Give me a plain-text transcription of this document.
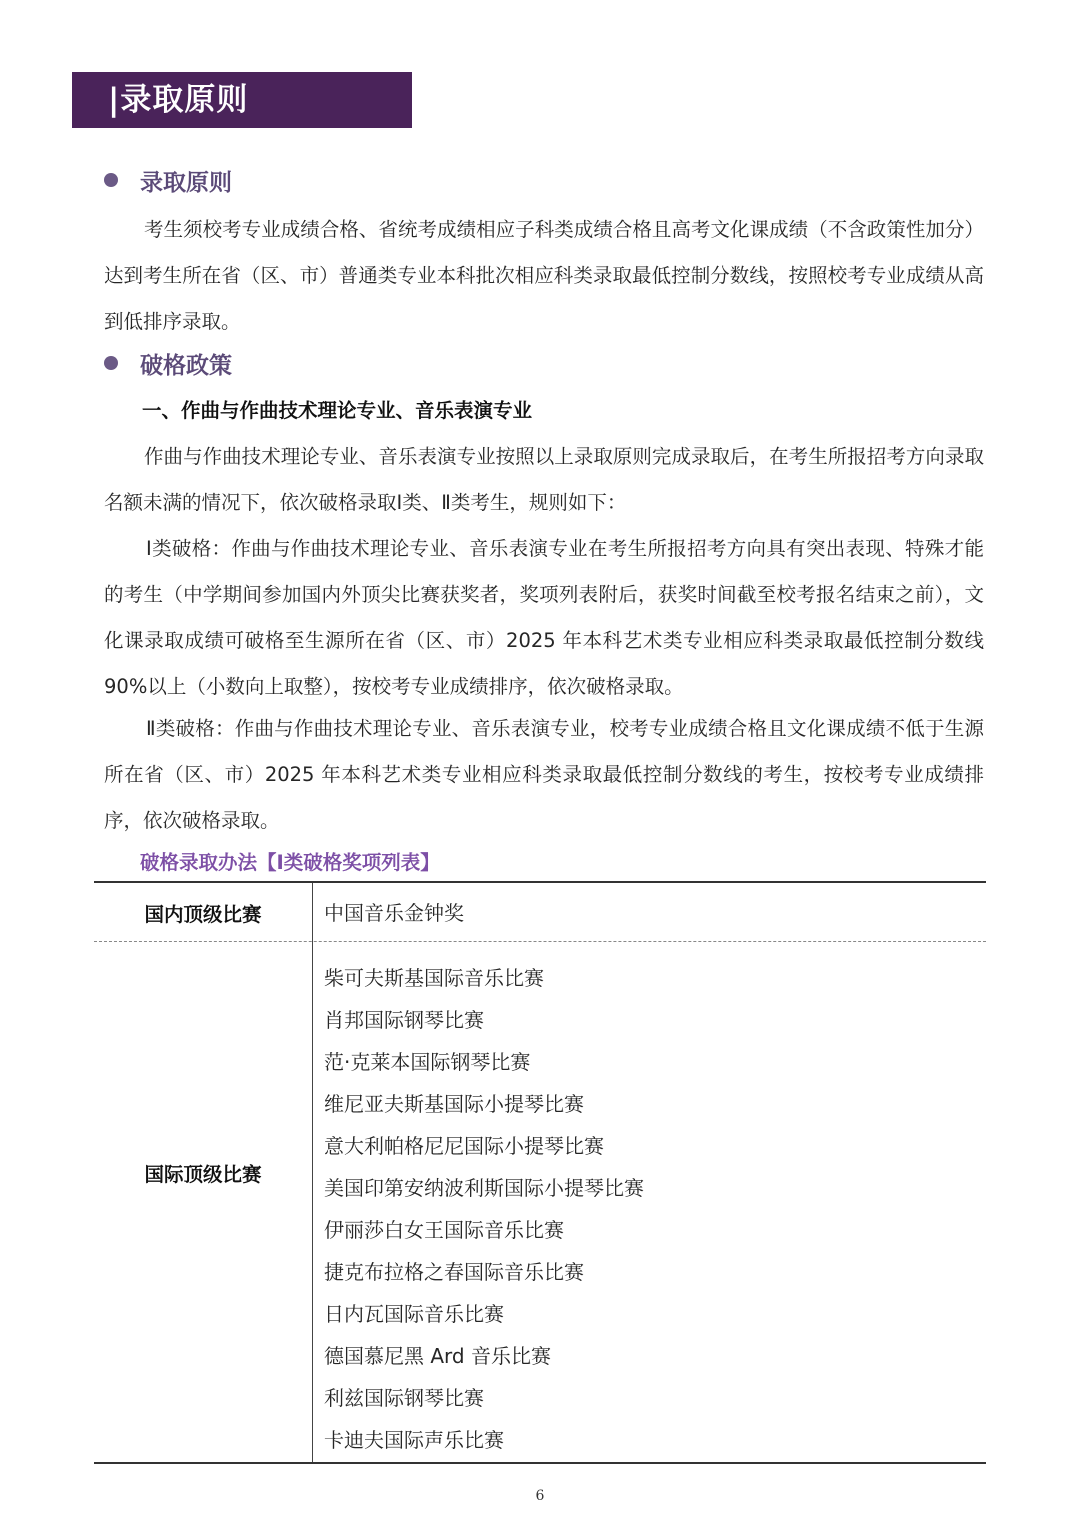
|录取原则
录取原则

考生须校考专业成绩合格、省统考成绩相应子科类成绩合格且高考文化课成绩（不含政策性加分）达到考生所在省（区、市）普通类专业本科批次相应科类录取最低控制分数线，按照校考专业成绩从高到低排序录取。

破格政策
一、作曲与作曲技术理论专业、音乐表演专业

作曲与作曲技术理论专业、音乐表演专业按照以上录取原则完成录取后，在考生所报招考方向录取名额未满的情况下，依次破格录取Ⅰ类、Ⅱ类考生，规则如下：

Ⅰ类破格：作曲与作曲技术理论专业、音乐表演专业在考生所报招考方向具有突出表现、特殊才能的考生（中学期间参加国内外顶尖比赛获奖者，奖项列表附后，获奖时间截至校考报名结束之前），文化课录取成绩可破格至生源所在省（区、市）2025 年本科艺术类专业相应科类录取最低控制分数线 90%以上（小数向上取整），按校考专业成绩排序，依次破格录取。

Ⅱ类破格：作曲与作曲技术理论专业、音乐表演专业，校考专业成绩合格且文化课成绩不低于生源所在省（区、市）2025 年本科艺术类专业相应科类录取最低控制分数线的考生，按校考专业成绩排序，依次破格录取。

破格录取办法【Ⅰ类破格奖项列表】
国内顶级比赛	中国音乐金钟奖
国际顶级比赛
柴可夫斯基国际音乐比赛
肖邦国际钢琴比赛
范·克莱本国际钢琴比赛
维尼亚夫斯基国际小提琴比赛
意大利帕格尼尼国际小提琴比赛
美国印第安纳波利斯国际小提琴比赛
伊丽莎白女王国际音乐比赛
捷克布拉格之春国际音乐比赛
日内瓦国际音乐比赛
德国慕尼黑 Ard 音乐比赛
利兹国际钢琴比赛
卡迪夫国际声乐比赛
6
